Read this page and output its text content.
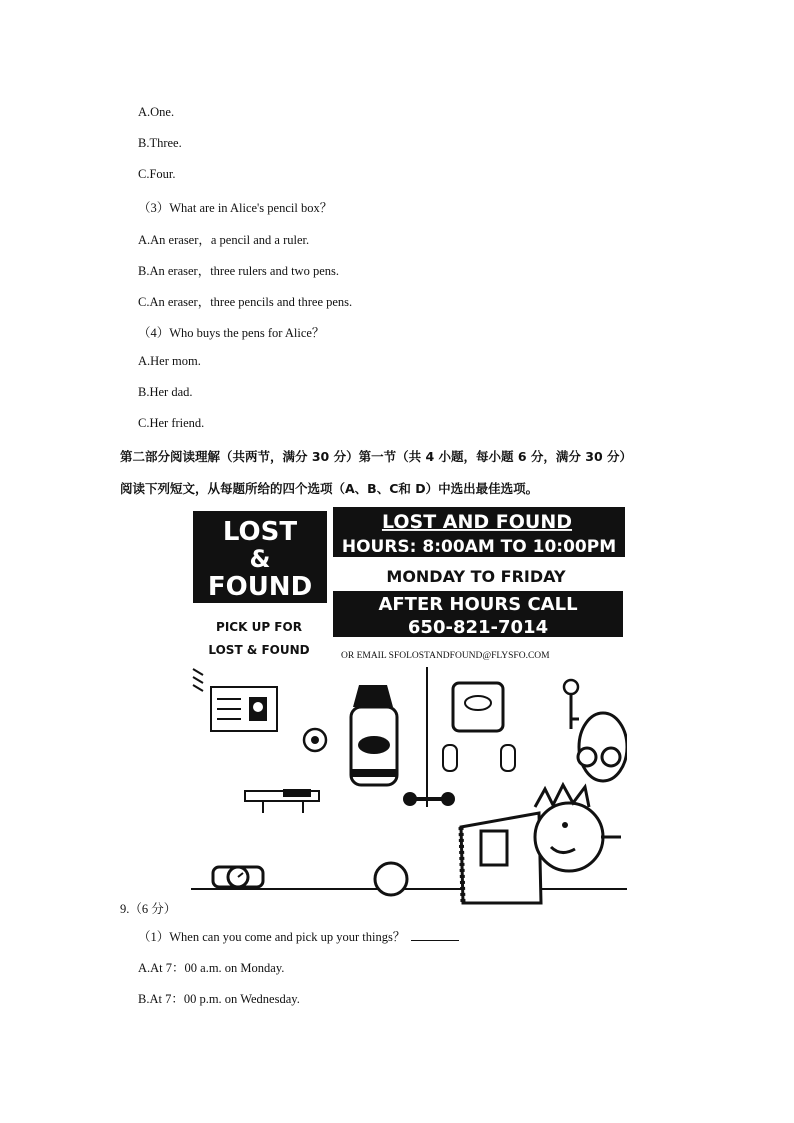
A.One.
B.Three.
C.Four.
（3）What are in Alice's pencil box？
A.An eraser，a pencil and a ruler.
B.An eraser，three rulers and two pens.
C.An eraser，three pencils and three pens.
（4）Who buys the pens for Alice？
A.Her mom.
B.Her dad.
C.Her friend.
第二部分阅读理解（共两节，满分 30 分）第一节（共 4 小题，每小题 6 分，满分 30 分）
阅读下列短文，从每题所给的四个选项（A、B、C和 D）中选出最佳选项。
LOST
&
FOUND
LOST AND FOUND
HOURS: 8:00AM TO 10:00PM
MONDAY TO FRIDAY
AFTER HOURS CALL
650-821-7014
PICK UP FOR
LOST & FOUND	OR EMAIL SFOLOSTANDFOUND@FLYSFO.COM
9.（6 分）
（1）When can you come and pick up your things？
A.At 7：00 a.m. on Monday.
B.At 7：00 p.m. on Wednesday.
